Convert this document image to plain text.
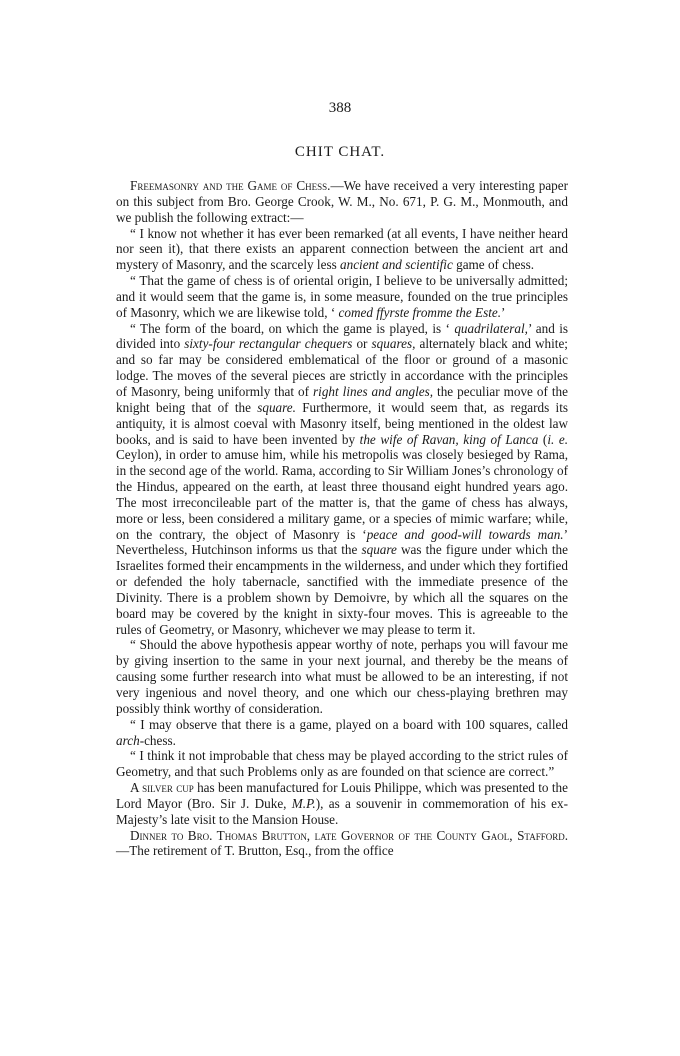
388
CHIT CHAT.

Freemasonry and the Game of Chess.—We have received a very interesting paper on this subject from Bro. George Crook, W. M., No. 671, P. G. M., Monmouth, and we publish the following extract:—

“ I know not whether it has ever been remarked (at all events, I have neither heard nor seen it), that there exists an apparent connection between the ancient art and mystery of Masonry, and the scarcely less ancient and scientific game of chess.

“ That the game of chess is of oriental origin, I believe to be universally admitted; and it would seem that the game is, in some measure, founded on the true principles of Masonry, which we are likewise told, ‘ comed ffyrste fromme the Este.’

“ The form of the board, on which the game is played, is ‘ quadrilateral,’ and is divided into sixty-four rectangular chequers or squares, alternately black and white; and so far may be considered emblematical of the floor or ground of a masonic lodge. The moves of the several pieces are strictly in accordance with the principles of Masonry, being uniformly that of right lines and angles, the peculiar move of the knight being that of the square. Furthermore, it would seem that, as regards its antiquity, it is almost coeval with Masonry itself, being mentioned in the oldest law books, and is said to have been invented by the wife of Ravan, king of Lanca (i. e. Ceylon), in order to amuse him, while his metropolis was closely besieged by Rama, in the second age of the world. Rama, according to Sir William Jones’s chronology of the Hindus, appeared on the earth, at least three thousand eight hundred years ago. The most irreconcileable part of the matter is, that the game of chess has always, more or less, been considered a military game, or a species of mimic warfare; while, on the contrary, the object of Masonry is ‘peace and good-will towards man.’ Nevertheless, Hutchinson informs us that the square was the figure under which the Israelites formed their encampments in the wilderness, and under which they fortified or defended the holy tabernacle, sanctified with the immediate presence of the Divinity. There is a problem shown by Demoivre, by which all the squares on the board may be covered by the knight in sixty-four moves. This is agreeable to the rules of Geometry, or Masonry, whichever we may please to term it.

“ Should the above hypothesis appear worthy of note, perhaps you will favour me by giving insertion to the same in your next journal, and thereby be the means of causing some further research into what must be allowed to be an interesting, if not very ingenious and novel theory, and one which our chess-playing brethren may possibly think worthy of consideration.

“ I may observe that there is a game, played on a board with 100 squares, called arch-chess.

“ I think it not improbable that chess may be played according to the strict rules of Geometry, and that such Problems only as are founded on that science are correct.”

A silver cup has been manufactured for Louis Philippe, which was presented to the Lord Mayor (Bro. Sir J. Duke, M.P.), as a souvenir in commemoration of his ex-Majesty’s late visit to the Mansion House.

Dinner to Bro. Thomas Brutton, late Governor of the County Gaol, Stafford.—The retirement of T. Brutton, Esq., from the office
